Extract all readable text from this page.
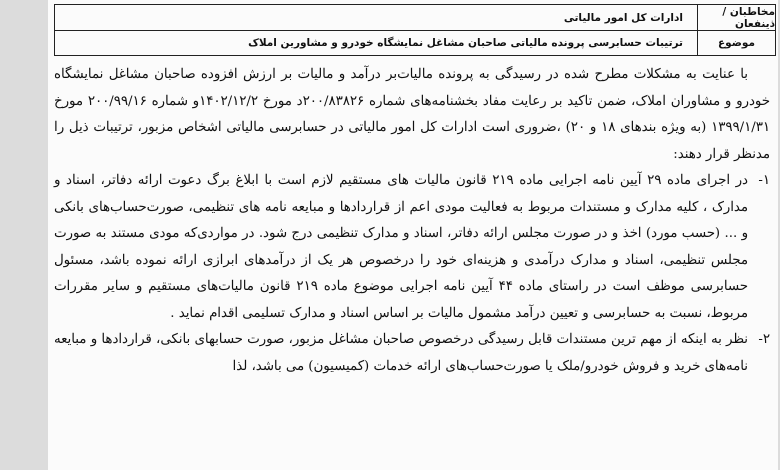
مخاطبان / ذینفعان
ادارات کل امور مالیاتی
موضوع
ترتیبات حسابرسی پرونده مالیاتی صاحبان مشاغل نمایشگاه خودرو و مشاورین املاک

با عنایت به مشکلات مطرح شده در رسیدگی به پرونده مالیات‌بر درآمد و مالیات بر ارزش افزوده صاحبان مشاغل نمایشگاه خودرو و مشاوران املاک، ضمن تاکید بر رعایت مفاد بخشنامه‌های شماره ۲۰۰/۸۳۸۲۶د مورخ ۱۴۰۲/۱۲/۲و شماره ۲۰۰/۹۹/۱۶ مورخ ۱۳۹۹/۱/۳۱ (به ویژه بندهای ۱۸ و ۲۰) ،ضروری است ادارات کل امور مالیاتی در حسابرسی مالیاتی اشخاص مزبور، ترتیبات ذیل را مدنظر قرار دهند:

۱-
در اجرای ماده ۲۹ آیین نامه اجرایی ماده ۲۱۹ قانون مالیات های مستقیم لازم است با ابلاغ برگ دعوت ارائه دفاتر، اسناد و مدارک ، کلیه مدارک و مستندات مربوط به فعالیت مودی اعم از قراردادها و مبایعه نامه های تنظیمی، صورت‌حساب‌های بانکی و ... (حسب مورد) اخذ و در صورت مجلس ارائه دفاتر، اسناد و مدارک تنظیمی درج شود. در مواردی‌که مودی مستند به صورت مجلس تنظیمی، اسناد و مدارک درآمدی و هزینه‌ای خود را درخصوص هر یک از درآمدهای ابرازی ارائه نموده باشد، مسئول حسابرسی موظف است در راستای ماده ۴۴ آیین نامه اجرایی موضوع ماده ۲۱۹ قانون مالیات‌های مستقیم و سایر مقررات مربوط، نسبت به حسابرسی و تعیین درآمد مشمول مالیات بر اساس اسناد و مدارک تسلیمی اقدام نماید .
۲-
نظر به اینکه از مهم ترین مستندات قابل رسیدگی درخصوص صاحبان مشاغل مزبور، صورت حسابهای بانکی، قراردادها و مبایعه نامه‌های خرید و فروش خودرو/ملک یا صورت‌حساب‌های ارائه خدمات (کمیسیون) می باشد، لذا
